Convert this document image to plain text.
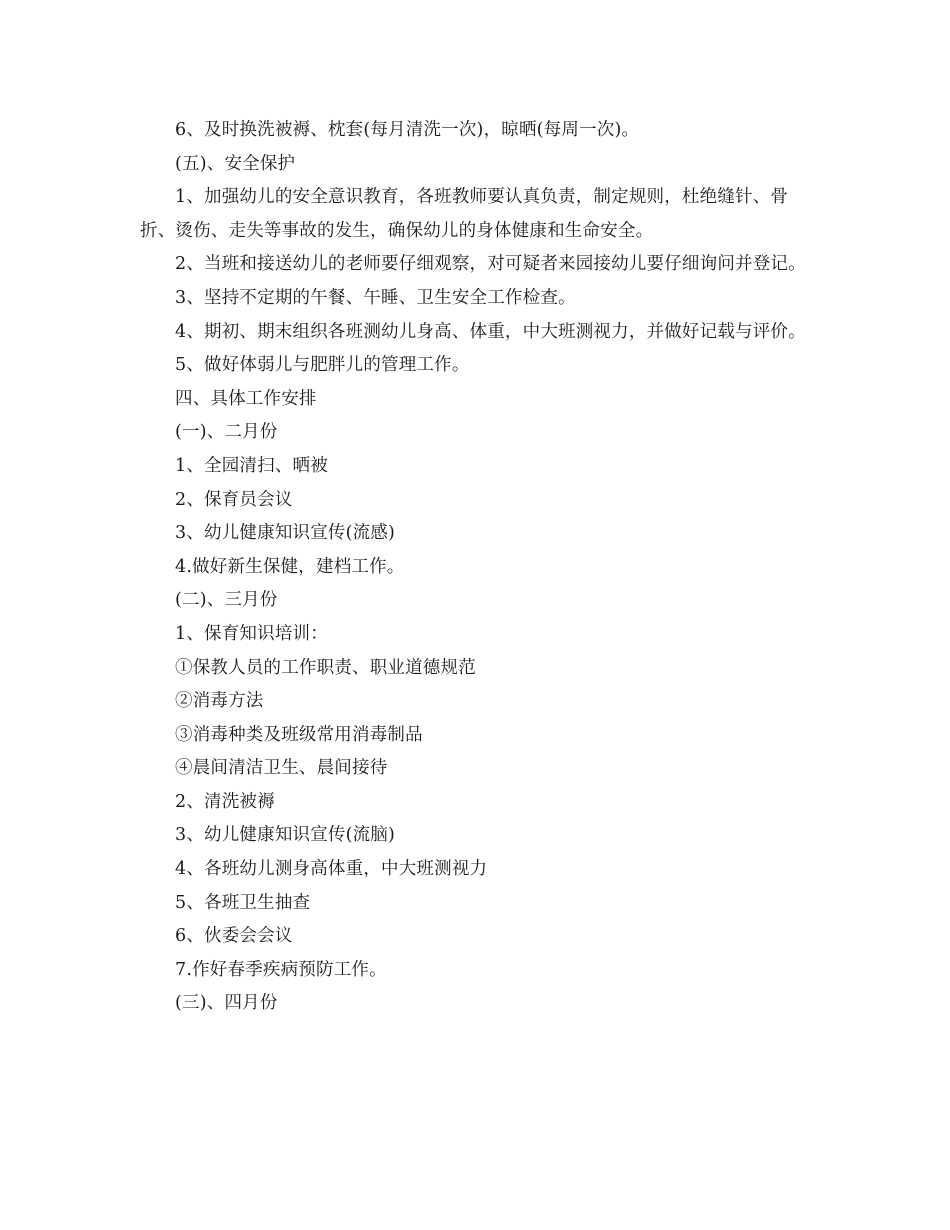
6、及时换洗被褥、枕套(每月清洗一次)，晾晒(每周一次)。

(五)、安全保护

1、加强幼儿的安全意识教育，各班教师要认真负责，制定规则，杜绝缝针、骨折、烫伤、走失等事故的发生，确保幼儿的身体健康和生命安全。

2、当班和接送幼儿的老师要仔细观察，对可疑者来园接幼儿要仔细询问并登记。

3、坚持不定期的午餐、午睡、卫生安全工作检查。

4、期初、期末组织各班测幼儿身高、体重，中大班测视力，并做好记载与评价。

5、做好体弱儿与肥胖儿的管理工作。

四、具体工作安排

(一)、二月份

1、全园清扫、晒被

2、保育员会议

3、幼儿健康知识宣传(流感)

4.做好新生保健，建档工作。

(二)、三月份

1、保育知识培训：

①保教人员的工作职责、职业道德规范

②消毒方法

③消毒种类及班级常用消毒制品

④晨间清洁卫生、晨间接待

2、清洗被褥

3、幼儿健康知识宣传(流脑)

4、各班幼儿测身高体重，中大班测视力

5、各班卫生抽查

6、伙委会会议

7.作好春季疾病预防工作。

(三)、四月份
